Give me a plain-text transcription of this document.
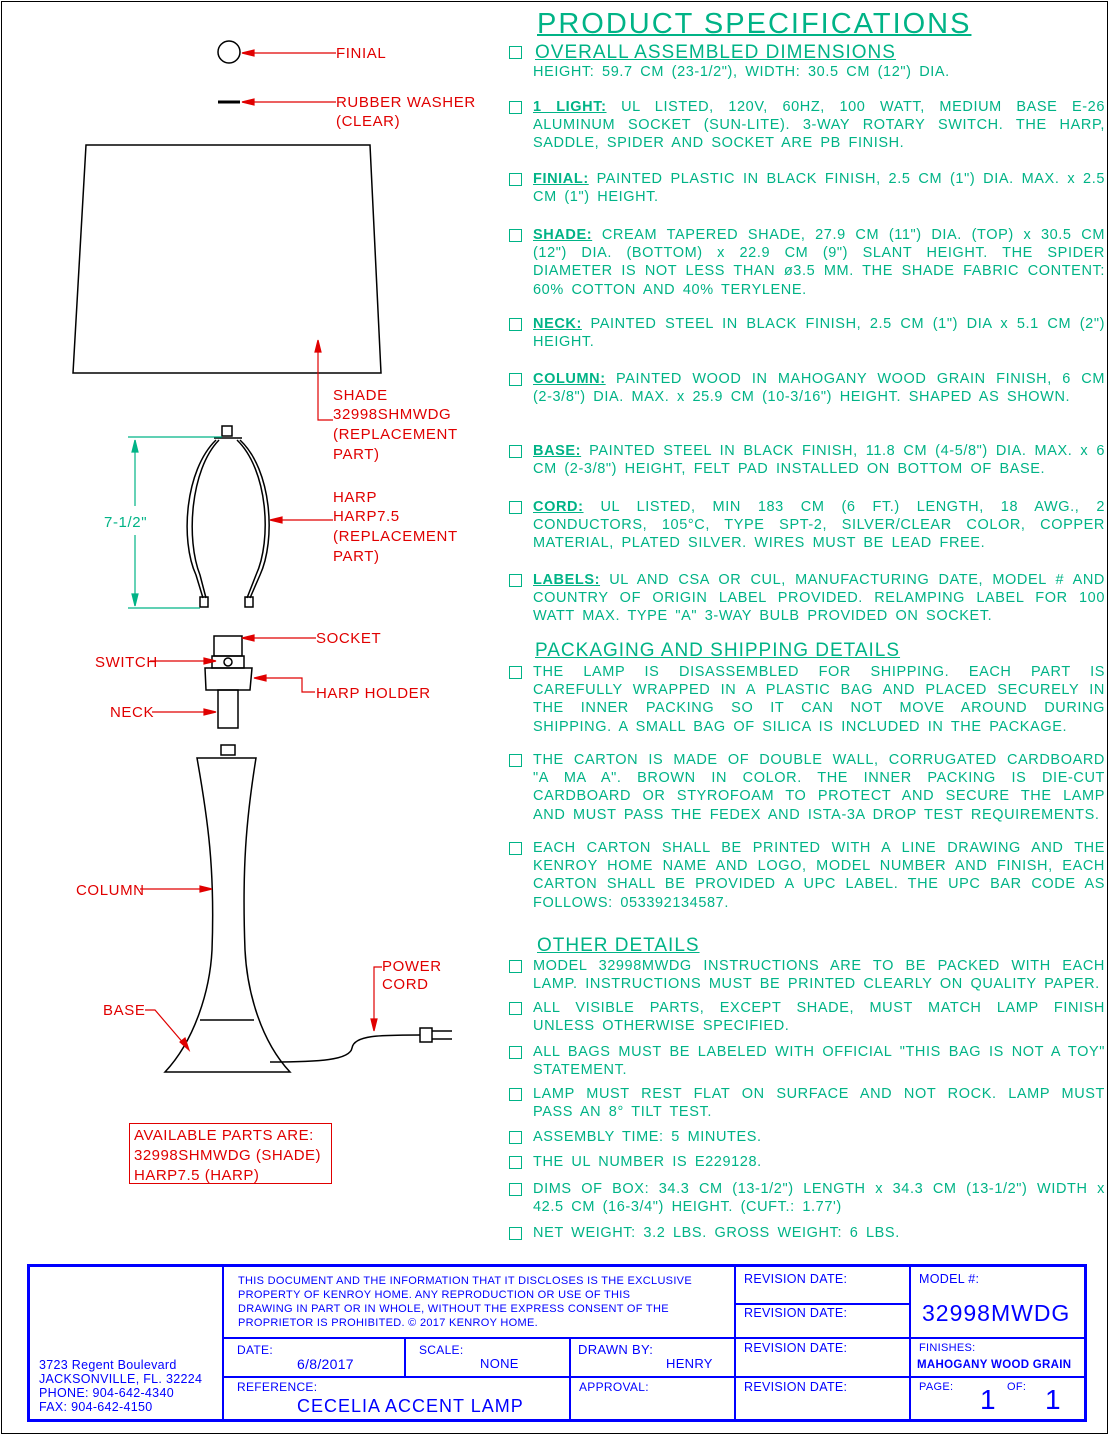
FINIAL
RUBBER WASHER
(CLEAR)
SHADE
32998SHMWDG
(REPLACEMENT
PART)
HARP
HARP7.5
(REPLACEMENT
PART)
7-1/2"
SOCKET
SWITCH
HARP HOLDER
NECK
COLUMN
POWER
CORD
BASE
AVAILABLE PARTS ARE:
32998SHMWDG (SHADE)
HARP7.5 (HARP)
PRODUCT SPECIFICATIONS
OVERALL ASSEMBLED DIMENSIONS
HEIGHT: 59.7 CM (23-1/2"), WIDTH: 30.5 CM (12") DIA.
1 LIGHT: UL LISTED, 120V, 60HZ, 100 WATT, MEDIUM BASE E-26 ALUMINUM SOCKET (SUN-LITE). 3-WAY ROTARY SWITCH. THE HARP, SADDLE, SPIDER AND SOCKET ARE PB FINISH.
FINIAL: PAINTED PLASTIC IN BLACK FINISH, 2.5 CM (1") DIA. MAX. x 2.5 CM (1") HEIGHT.
SHADE: CREAM TAPERED SHADE, 27.9 CM (11") DIA. (TOP) x 30.5 CM (12") DIA. (BOTTOM) x 22.9 CM (9") SLANT HEIGHT. THE SPIDER DIAMETER IS NOT LESS THAN ø3.5 MM. THE SHADE FABRIC CONTENT: 60% COTTON AND 40% TERYLENE.
NECK: PAINTED STEEL IN BLACK FINISH, 2.5 CM (1") DIA x 5.1 CM (2") HEIGHT.
COLUMN: PAINTED WOOD IN MAHOGANY WOOD GRAIN FINISH, 6 CM (2-3/8") DIA. MAX. x 25.9 CM (10-3/16") HEIGHT. SHAPED AS SHOWN.
BASE: PAINTED STEEL IN BLACK FINISH, 11.8 CM (4-5/8") DIA. MAX. x 6 CM (2-3/8") HEIGHT, FELT PAD INSTALLED ON BOTTOM OF BASE.
CORD: UL LISTED, MIN 183 CM (6 FT.) LENGTH, 18 AWG., 2 CONDUCTORS, 105°C, TYPE SPT-2, SILVER/CLEAR COLOR, COPPER MATERIAL, PLATED SILVER. WIRES MUST BE LEAD FREE.
LABELS: UL AND CSA OR CUL, MANUFACTURING DATE, MODEL # AND COUNTRY OF ORIGIN LABEL PROVIDED. RELAMPING LABEL FOR 100 WATT MAX. TYPE "A" 3-WAY BULB PROVIDED ON SOCKET.
PACKAGING AND SHIPPING DETAILS
THE LAMP IS DISASSEMBLED FOR SHIPPING. EACH PART IS CAREFULLY WRAPPED IN A PLASTIC BAG AND PLACED SECURELY IN THE INNER PACKING SO IT CAN NOT MOVE AROUND DURING SHIPPING. A SMALL BAG OF SILICA IS INCLUDED IN THE PACKAGE.
THE CARTON IS MADE OF DOUBLE WALL, CORRUGATED CARDBOARD "A MA A". BROWN IN COLOR. THE INNER PACKING IS DIE-CUT CARDBOARD OR STYROFOAM TO PROTECT AND SECURE THE LAMP AND MUST PASS THE FEDEX AND ISTA-3A DROP TEST REQUIREMENTS.
EACH CARTON SHALL BE PRINTED WITH A LINE DRAWING AND THE KENROY HOME NAME AND LOGO, MODEL NUMBER AND FINISH, EACH CARTON SHALL BE PROVIDED A UPC LABEL. THE UPC BAR CODE AS FOLLOWS: 053392134587.
OTHER DETAILS
MODEL 32998MWDG INSTRUCTIONS ARE TO BE PACKED WITH EACH LAMP. INSTRUCTIONS MUST BE PRINTED CLEARLY ON QUALITY PAPER.
ALL VISIBLE PARTS, EXCEPT SHADE, MUST MATCH LAMP FINISH UNLESS OTHERWISE SPECIFIED.
ALL BAGS MUST BE LABELED WITH OFFICIAL "THIS BAG IS NOT A TOY" STATEMENT.
LAMP MUST REST FLAT ON SURFACE AND NOT ROCK. LAMP MUST PASS AN 8° TILT TEST.
ASSEMBLY TIME: 5 MINUTES.
THE UL NUMBER IS E229128.
DIMS OF BOX: 34.3 CM (13-1/2") LENGTH x 34.3 CM (13-1/2") WIDTH x 42.5 CM (16-3/4") HEIGHT. (CUFT.: 1.77')
NET WEIGHT: 3.2 LBS. GROSS WEIGHT: 6 LBS.
3723 Regent Boulevard
JACKSONVILLE, FL. 32224
PHONE: 904-642-4340
FAX: 904-642-4150
THIS DOCUMENT AND THE INFORMATION THAT IT DISCLOSES IS THE EXCLUSIVE
PROPERTY OF KENROY HOME. ANY REPRODUCTION OR USE OF THIS
DRAWING IN PART OR IN WHOLE, WITHOUT THE EXPRESS CONSENT OF THE
PROPRIETOR IS PROHIBITED. © 2017 KENROY HOME.
DATE:
6/8/2017
SCALE:
NONE
DRAWN BY:
HENRY
REFERENCE:
CECELIA ACCENT LAMP
APPROVAL:
REVISION DATE:
REVISION DATE:
REVISION DATE:
REVISION DATE:
MODEL #:
32998MWDG
FINISHES:
MAHOGANY WOOD GRAIN
PAGE: 1 OF: 1
